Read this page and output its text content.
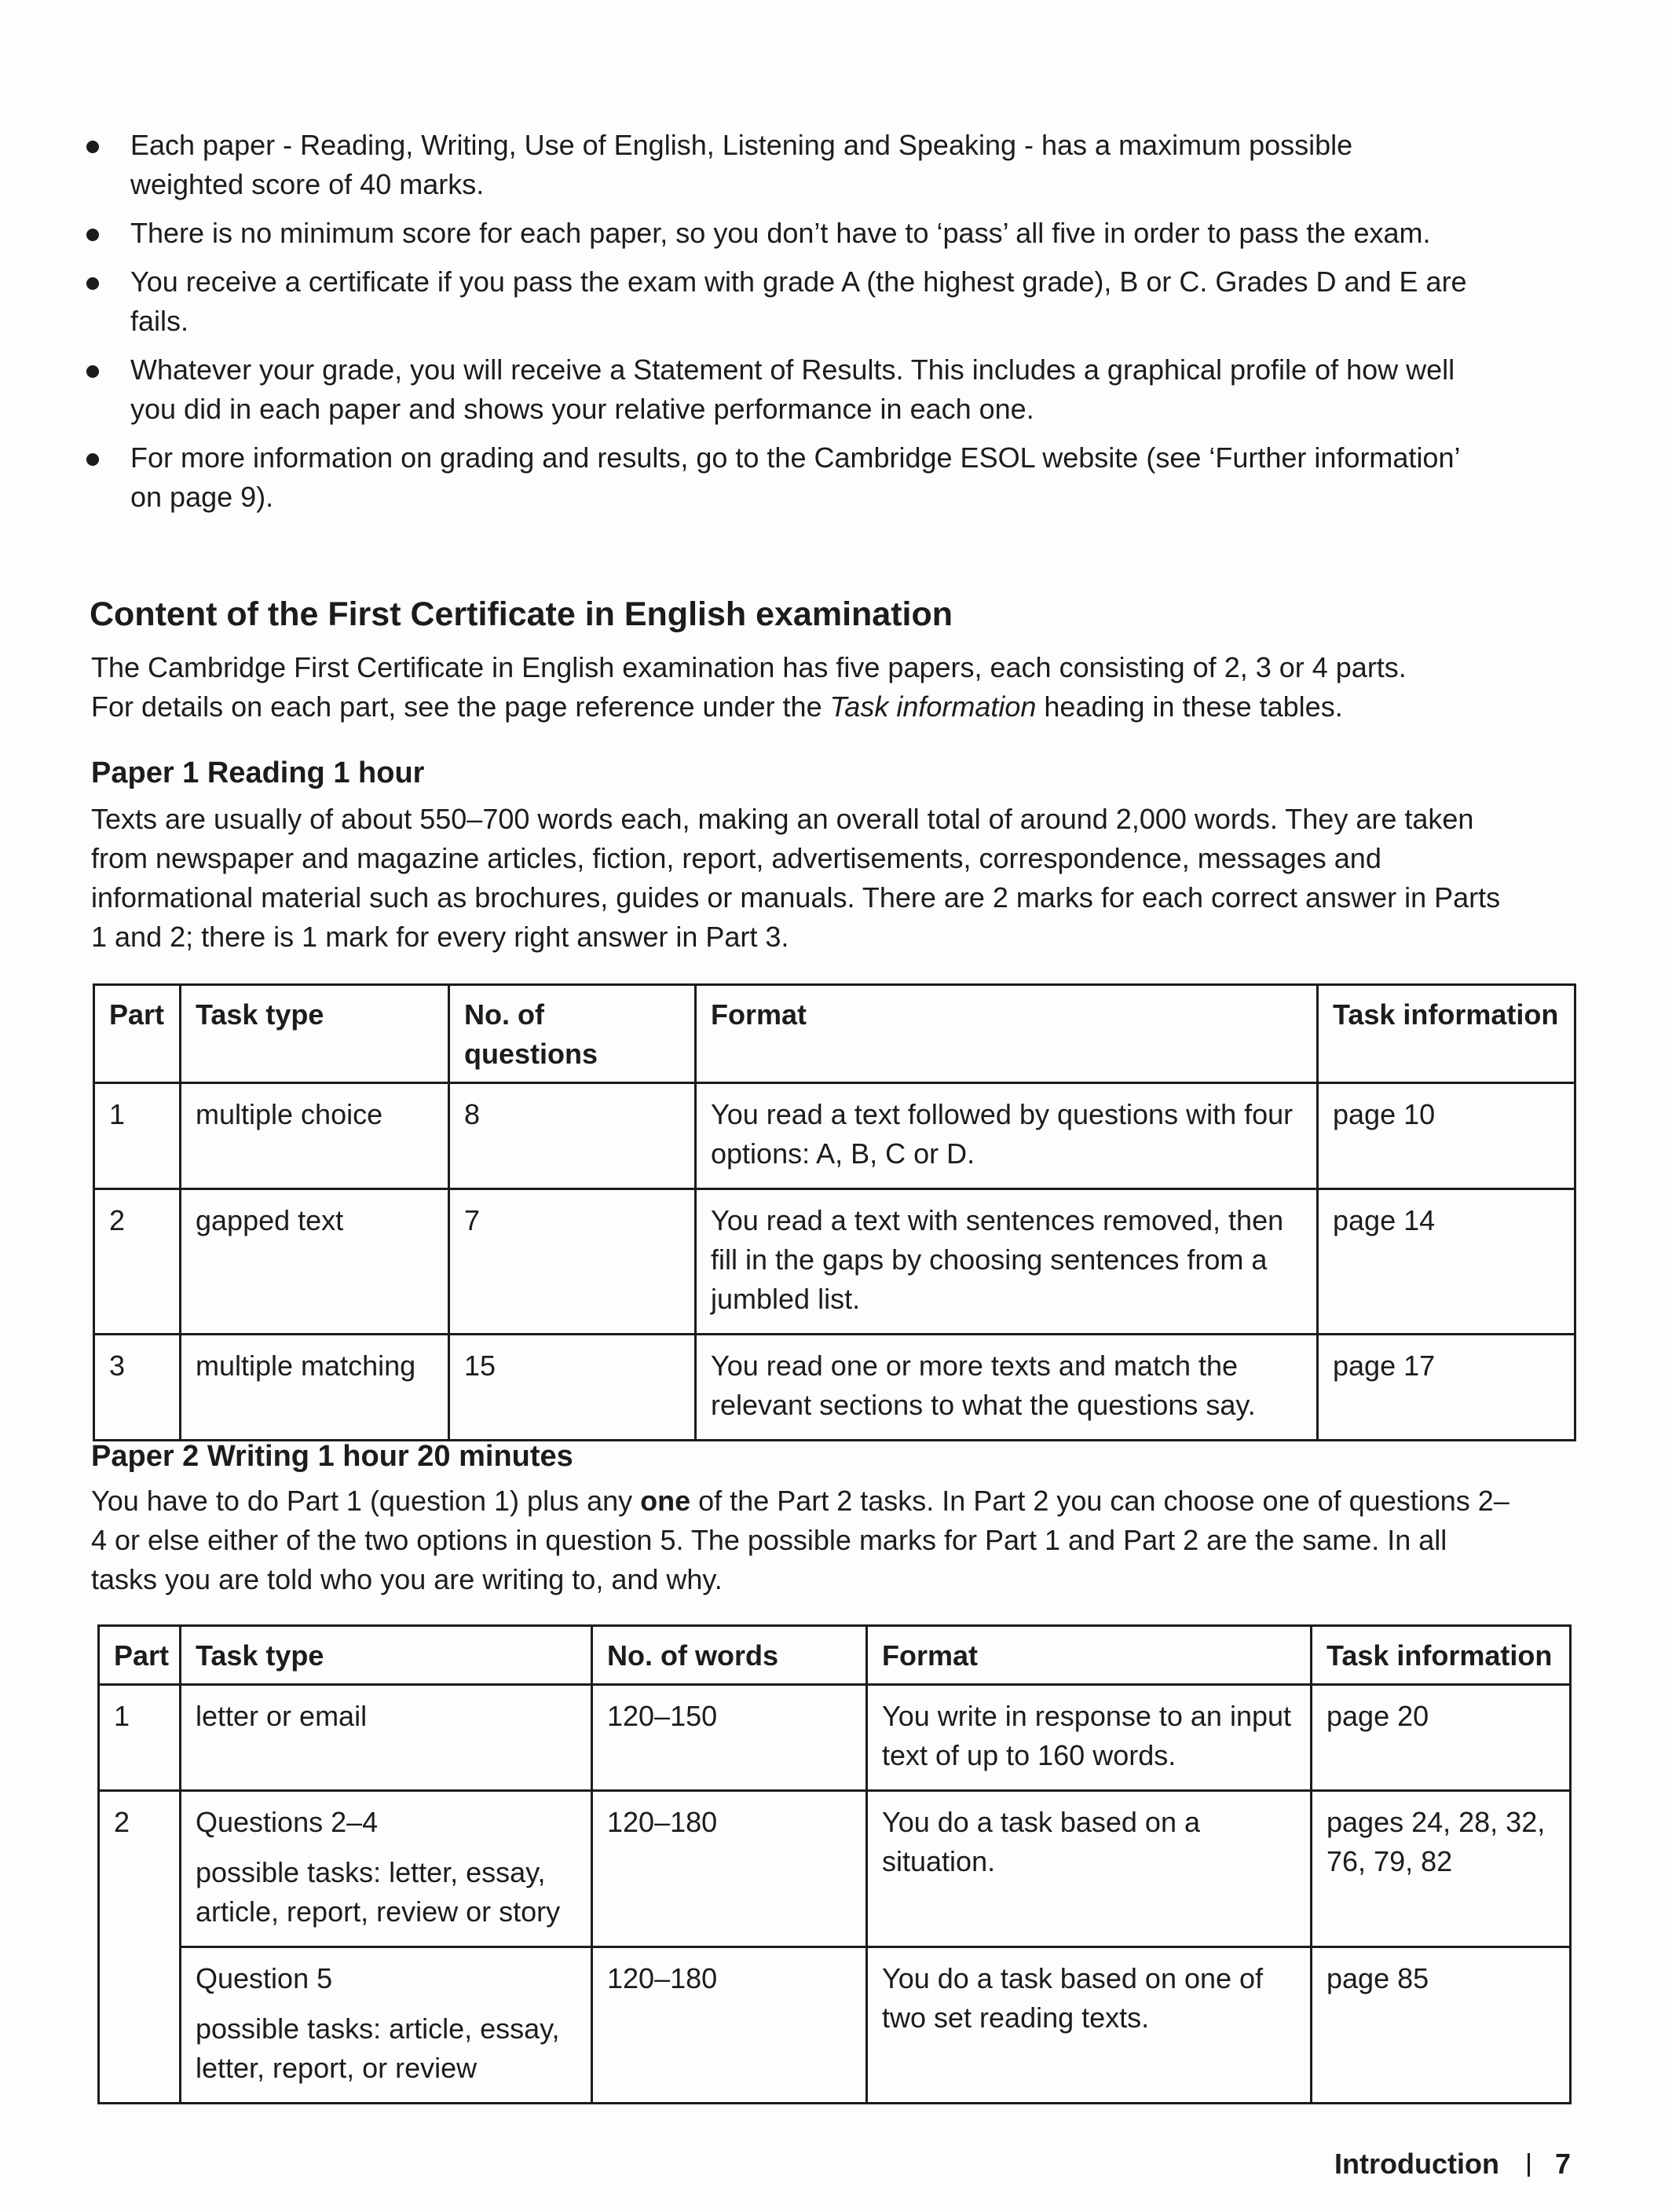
Each paper - Reading, Writing, Use of English, Listening and Speaking - has a maximum possible weighted score of 40 marks.
There is no minimum score for each paper, so you don’t have to ‘pass’ all five in order to pass the exam.
You receive a certificate if you pass the exam with grade A (the highest grade), B or C. Grades D and E are fails.
Whatever your grade, you will receive a Statement of Results. This includes a graphical profile of how well you did in each paper and shows your relative performance in each one.
For more information on grading and results, go to the Cambridge ESOL website (see ‘Further information’ on page 9).
Content of the First Certificate in English examination

The Cambridge First Certificate in English examination has five papers, each consisting of 2, 3 or 4 parts.
For details on each part, see the page reference under the Task information heading in these tables.

Paper 1 Reading 1 hour

Texts are usually of about 550–700 words each, making an overall total of around 2,000 words. They are taken from newspaper and magazine articles, fiction, report, advertisements, correspondence, messages and informational material such as brochures, guides or manuals. There are 2 marks for each correct answer in Parts 1 and 2; there is 1 mark for every right answer in Part 3.

Part	Task type	No. of questions	Format	Task information
1	multiple choice	8	You read a text followed by questions with four options: A, B, C or D.	page 10
2	gapped text	7	You read a text with sentences removed, then fill in the gaps by choosing sentences from a jumbled list.	page 14
3	multiple matching	15	You read one or more texts and match the relevant sections to what the questions say.	page 17
Paper 2 Writing 1 hour 20 minutes

You have to do Part 1 (question 1) plus any one of the Part 2 tasks. In Part 2 you can choose one of questions 2–4 or else either of the two options in question 5. The possible marks for Part 1 and Part 2 are the same. In all tasks you are told who you are writing to, and why.

Part	Task type	No. of words	Format	Task information
1	letter or email	120–150	You write in response to an input text of up to 160 words.	page 20
2	Questions 2–4
possible tasks: letter, essay, article, report, review or story	120–180	You do a task based on a situation.	pages 24, 28, 32, 76, 79, 82

	Question 5
possible tasks: article, essay, letter, report, or review	120–180	You do a task based on one of two set reading texts.	page 85
Introduction 7
